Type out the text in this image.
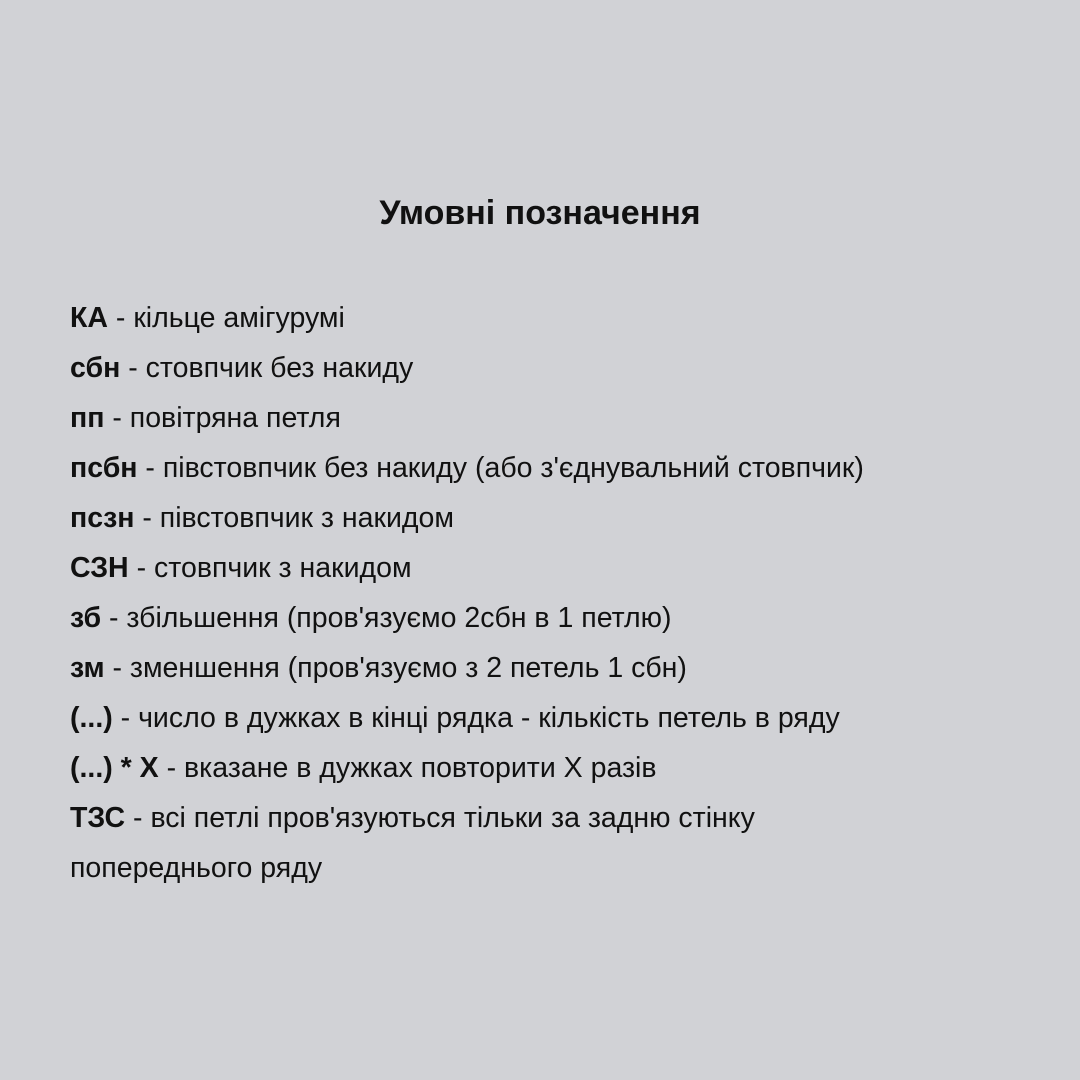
Умовні позначення
КА - кільце амігурумі
сбн - стовпчик без накиду
пп - повітряна петля
псбн - півстовпчик без накиду (або з'єднувальний стовпчик)
псзн - півстовпчик з накидом
СЗН - стовпчик з накидом
зб - збільшення (пров'язуємо 2сбн в 1 петлю)
зм - зменшення (пров'язуємо з 2 петель 1 сбн)
(...) - число в дужках в кінці рядка - кількість петель в ряду
(...) * Х - вказане в дужках повторити Х разів
ТЗС - всі петлі пров'язуються тільки за задню стінку попереднього ряду
